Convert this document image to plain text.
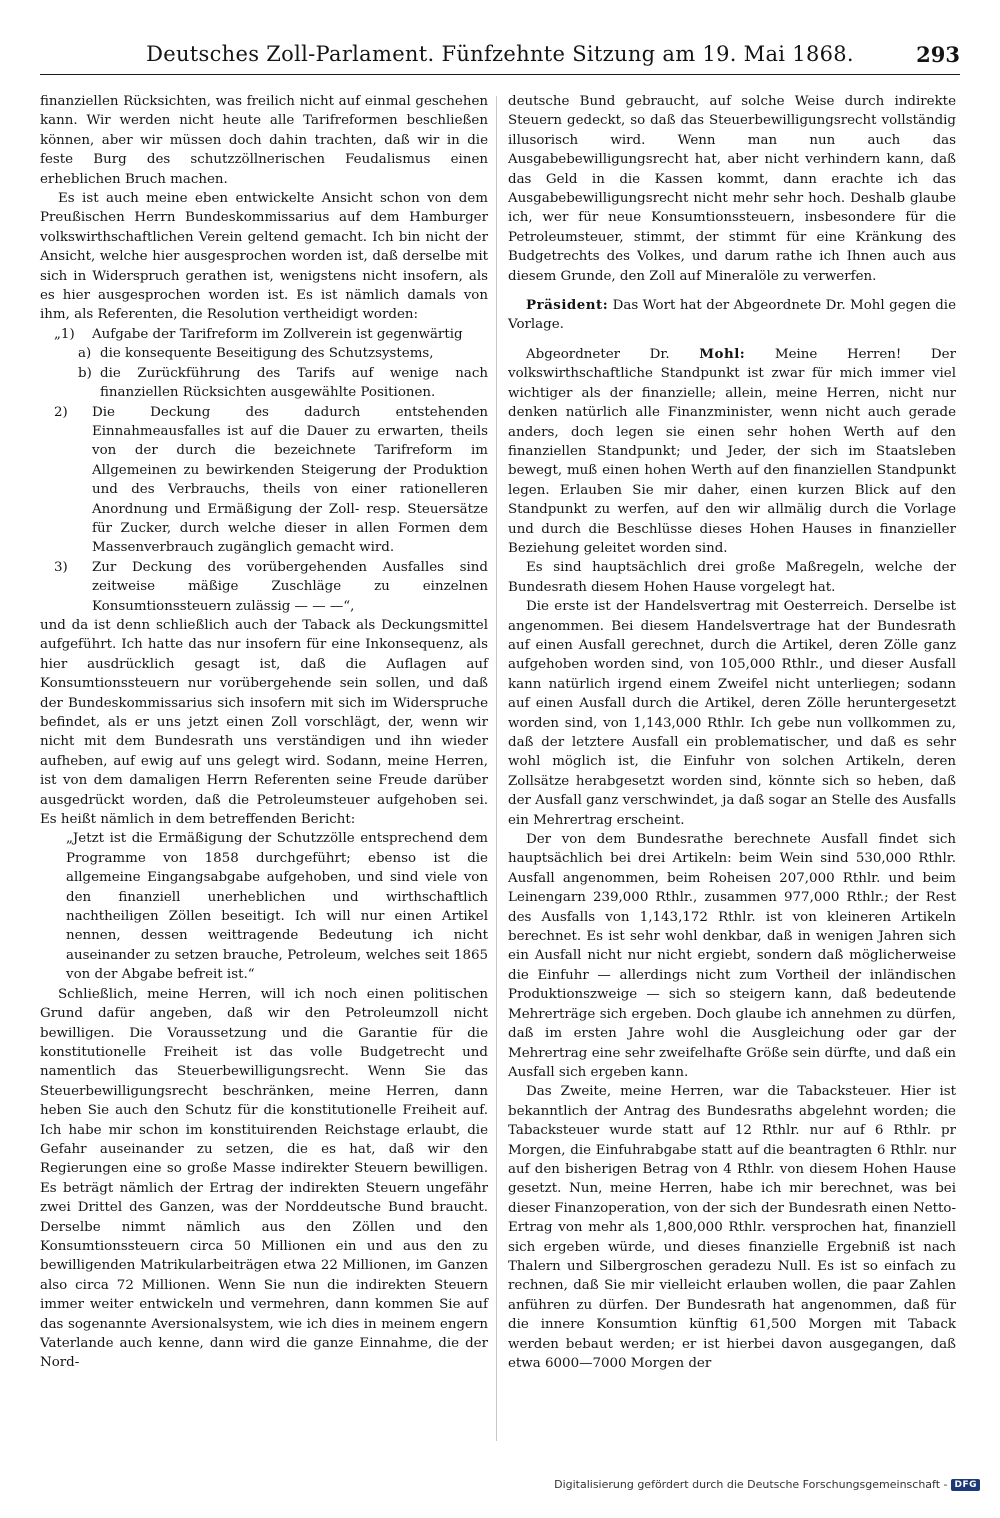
Deutsches Zoll-Parlament. Fünfzehnte Sitzung am 19. Mai 1868.	293

finanziellen Rücksichten, was freilich nicht auf einmal geschehen kann. Wir werden nicht heute alle Tarifreformen beschließen können, aber wir müssen doch dahin trachten, daß wir in die feste Burg des schutzzöllnerischen Feudalismus einen erheblichen Bruch machen.

Es ist auch meine eben entwickelte Ansicht schon von dem Preußischen Herrn Bundeskommissarius auf dem Hamburger volkswirthschaftlichen Verein geltend gemacht. Ich bin nicht der Ansicht, welche hier ausgesprochen worden ist, daß derselbe mit sich in Widerspruch gerathen ist, wenigstens nicht insofern, als es hier ausgesprochen worden ist. Es ist nämlich damals von ihm, als Referenten, die Resolution vertheidigt worden:

„1) Aufgabe der Tarifreform im Zollverein ist gegenwärtig
a) die konsequente Beseitigung des Schutzsystems,
b) die Zurückführung des Tarifs auf wenige nach finanziellen Rücksichten ausgewählte Positionen.
2) Die Deckung des dadurch entstehenden Einnahmeausfalles ist auf die Dauer zu erwarten, theils von der durch die bezeichnete Tarifreform im Allgemeinen zu bewirkenden Steigerung der Produktion und des Verbrauchs, theils von einer rationelleren Anordnung und Ermäßigung der Zoll- resp. Steuersätze für Zucker, durch welche dieser in allen Formen dem Massenverbrauch zugänglich gemacht wird.
3) Zur Deckung des vorübergehenden Ausfalles sind zeitweise mäßige Zuschläge zu einzelnen Konsumtionssteuern zulässig — — —“,

und da ist denn schließlich auch der Taback als Deckungsmittel aufgeführt. Ich hatte das nur insofern für eine Inkonsequenz, als hier ausdrücklich gesagt ist, daß die Auflagen auf Konsumtionssteuern nur vorübergehende sein sollen, und daß der Bundeskommissarius sich insofern mit sich im Widerspruche befindet, als er uns jetzt einen Zoll vorschlägt, der, wenn wir nicht mit dem Bundesrath uns verständigen und ihn wieder aufheben, auf ewig auf uns gelegt wird. Sodann, meine Herren, ist von dem damaligen Herrn Referenten seine Freude darüber ausgedrückt worden, daß die Petroleumsteuer aufgehoben sei. Es heißt nämlich in dem betreffenden Bericht:

„Jetzt ist die Ermäßigung der Schutzzölle entsprechend dem Programme von 1858 durchgeführt; ebenso ist die allgemeine Eingangsabgabe aufgehoben, und sind viele von den finanziell unerheblichen und wirthschaftlich nachtheiligen Zöllen beseitigt. Ich will nur einen Artikel nennen, dessen weittragende Bedeutung ich nicht auseinander zu setzen brauche, Petroleum, welches seit 1865 von der Abgabe befreit ist.“

Schließlich, meine Herren, will ich noch einen politischen Grund dafür angeben, daß wir den Petroleumzoll nicht bewilligen. Die Voraussetzung und die Garantie für die konstitutionelle Freiheit ist das volle Budgetrecht und namentlich das Steuerbewilligungsrecht. Wenn Sie das Steuerbewilligungsrecht beschränken, meine Herren, dann heben Sie auch den Schutz für die konstitutionelle Freiheit auf. Ich habe mir schon im konstituirenden Reichstage erlaubt, die Gefahr auseinander zu setzen, die es hat, daß wir den Regierungen eine so große Masse indirekter Steuern bewilligen. Es beträgt nämlich der Ertrag der indirekten Steuern ungefähr zwei Drittel des Ganzen, was der Norddeutsche Bund braucht. Derselbe nimmt nämlich aus den Zöllen und den Konsumtionssteuern circa 50 Millionen ein und aus den zu bewilligenden Matrikularbeiträgen etwa 22 Millionen, im Ganzen also circa 72 Millionen. Wenn Sie nun die indirekten Steuern immer weiter entwickeln und vermehren, dann kommen Sie auf das sogenannte Aversionalsystem, wie ich dies in meinem engern Vaterlande auch kenne, dann wird die ganze Einnahme, die der Nord-

deutsche Bund gebraucht, auf solche Weise durch indirekte Steuern gedeckt, so daß das Steuerbewilligungsrecht vollständig illusorisch wird. Wenn man nun auch das Ausgabebewilligungsrecht hat, aber nicht verhindern kann, daß das Geld in die Kassen kommt, dann erachte ich das Ausgabebewilligungsrecht nicht mehr sehr hoch. Deshalb glaube ich, wer für neue Konsumtionssteuern, insbesondere für die Petroleumsteuer, stimmt, der stimmt für eine Kränkung des Budgetrechts des Volkes, und darum rathe ich Ihnen auch aus diesem Grunde, den Zoll auf Mineralöle zu verwerfen.

Präsident: Das Wort hat der Abgeordnete Dr. Mohl gegen die Vorlage.

Abgeordneter Dr. Mohl: Meine Herren! Der volkswirthschaftliche Standpunkt ist zwar für mich immer viel wichtiger als der finanzielle; allein, meine Herren, nicht nur denken natürlich alle Finanzminister, wenn nicht auch gerade anders, doch legen sie einen sehr hohen Werth auf den finanziellen Standpunkt; und Jeder, der sich im Staatsleben bewegt, muß einen hohen Werth auf den finanziellen Standpunkt legen. Erlauben Sie mir daher, einen kurzen Blick auf den Standpunkt zu werfen, auf den wir allmälig durch die Vorlage und durch die Beschlüsse dieses Hohen Hauses in finanzieller Beziehung geleitet worden sind.

Es sind hauptsächlich drei große Maßregeln, welche der Bundesrath diesem Hohen Hause vorgelegt hat.

Die erste ist der Handelsvertrag mit Oesterreich. Derselbe ist angenommen. Bei diesem Handelsvertrage hat der Bundesrath auf einen Ausfall gerechnet, durch die Artikel, deren Zölle ganz aufgehoben worden sind, von 105,000 Rthlr., und dieser Ausfall kann natürlich irgend einem Zweifel nicht unterliegen; sodann auf einen Ausfall durch die Artikel, deren Zölle heruntergesetzt worden sind, von 1,143,000 Rthlr. Ich gebe nun vollkommen zu, daß der letztere Ausfall ein problematischer, und daß es sehr wohl möglich ist, die Einfuhr von solchen Artikeln, deren Zollsätze herabgesetzt worden sind, könnte sich so heben, daß der Ausfall ganz verschwindet, ja daß sogar an Stelle des Ausfalls ein Mehrertrag erscheint.

Der von dem Bundesrathe berechnete Ausfall findet sich hauptsächlich bei drei Artikeln: beim Wein sind 530,000 Rthlr. Ausfall angenommen, beim Roheisen 207,000 Rthlr. und beim Leinengarn 239,000 Rthlr., zusammen 977,000 Rthlr.; der Rest des Ausfalls von 1,143,172 Rthlr. ist von kleineren Artikeln berechnet. Es ist sehr wohl denkbar, daß in wenigen Jahren sich ein Ausfall nicht nur nicht ergiebt, sondern daß möglicherweise die Einfuhr — allerdings nicht zum Vortheil der inländischen Produktionszweige — sich so steigern kann, daß bedeutende Mehrerträge sich ergeben. Doch glaube ich annehmen zu dürfen, daß im ersten Jahre wohl die Ausgleichung oder gar der Mehrertrag eine sehr zweifelhafte Größe sein dürfte, und daß ein Ausfall sich ergeben kann.

Das Zweite, meine Herren, war die Tabacksteuer. Hier ist bekanntlich der Antrag des Bundesraths abgelehnt worden; die Tabacksteuer wurde statt auf 12 Rthlr. nur auf 6 Rthlr. pr Morgen, die Einfuhrabgabe statt auf die beantragten 6 Rthlr. nur auf den bisherigen Betrag von 4 Rthlr. von diesem Hohen Hause gesetzt. Nun, meine Herren, habe ich mir berechnet, was bei dieser Finanzoperation, von der sich der Bundesrath einen Netto-Ertrag von mehr als 1,800,000 Rthlr. versprochen hat, finanziell sich ergeben würde, und dieses finanzielle Ergebniß ist nach Thalern und Silbergroschen geradezu Null. Es ist so einfach zu rechnen, daß Sie mir vielleicht erlauben wollen, die paar Zahlen anführen zu dürfen. Der Bundesrath hat angenommen, daß für die innere Konsumtion künftig 61,500 Morgen mit Taback werden bebaut werden; er ist hierbei davon ausgegangen, daß etwa 6000—7000 Morgen der

Digitalisierung gefördert durch die Deutsche Forschungsgemeinschaft - DFG
